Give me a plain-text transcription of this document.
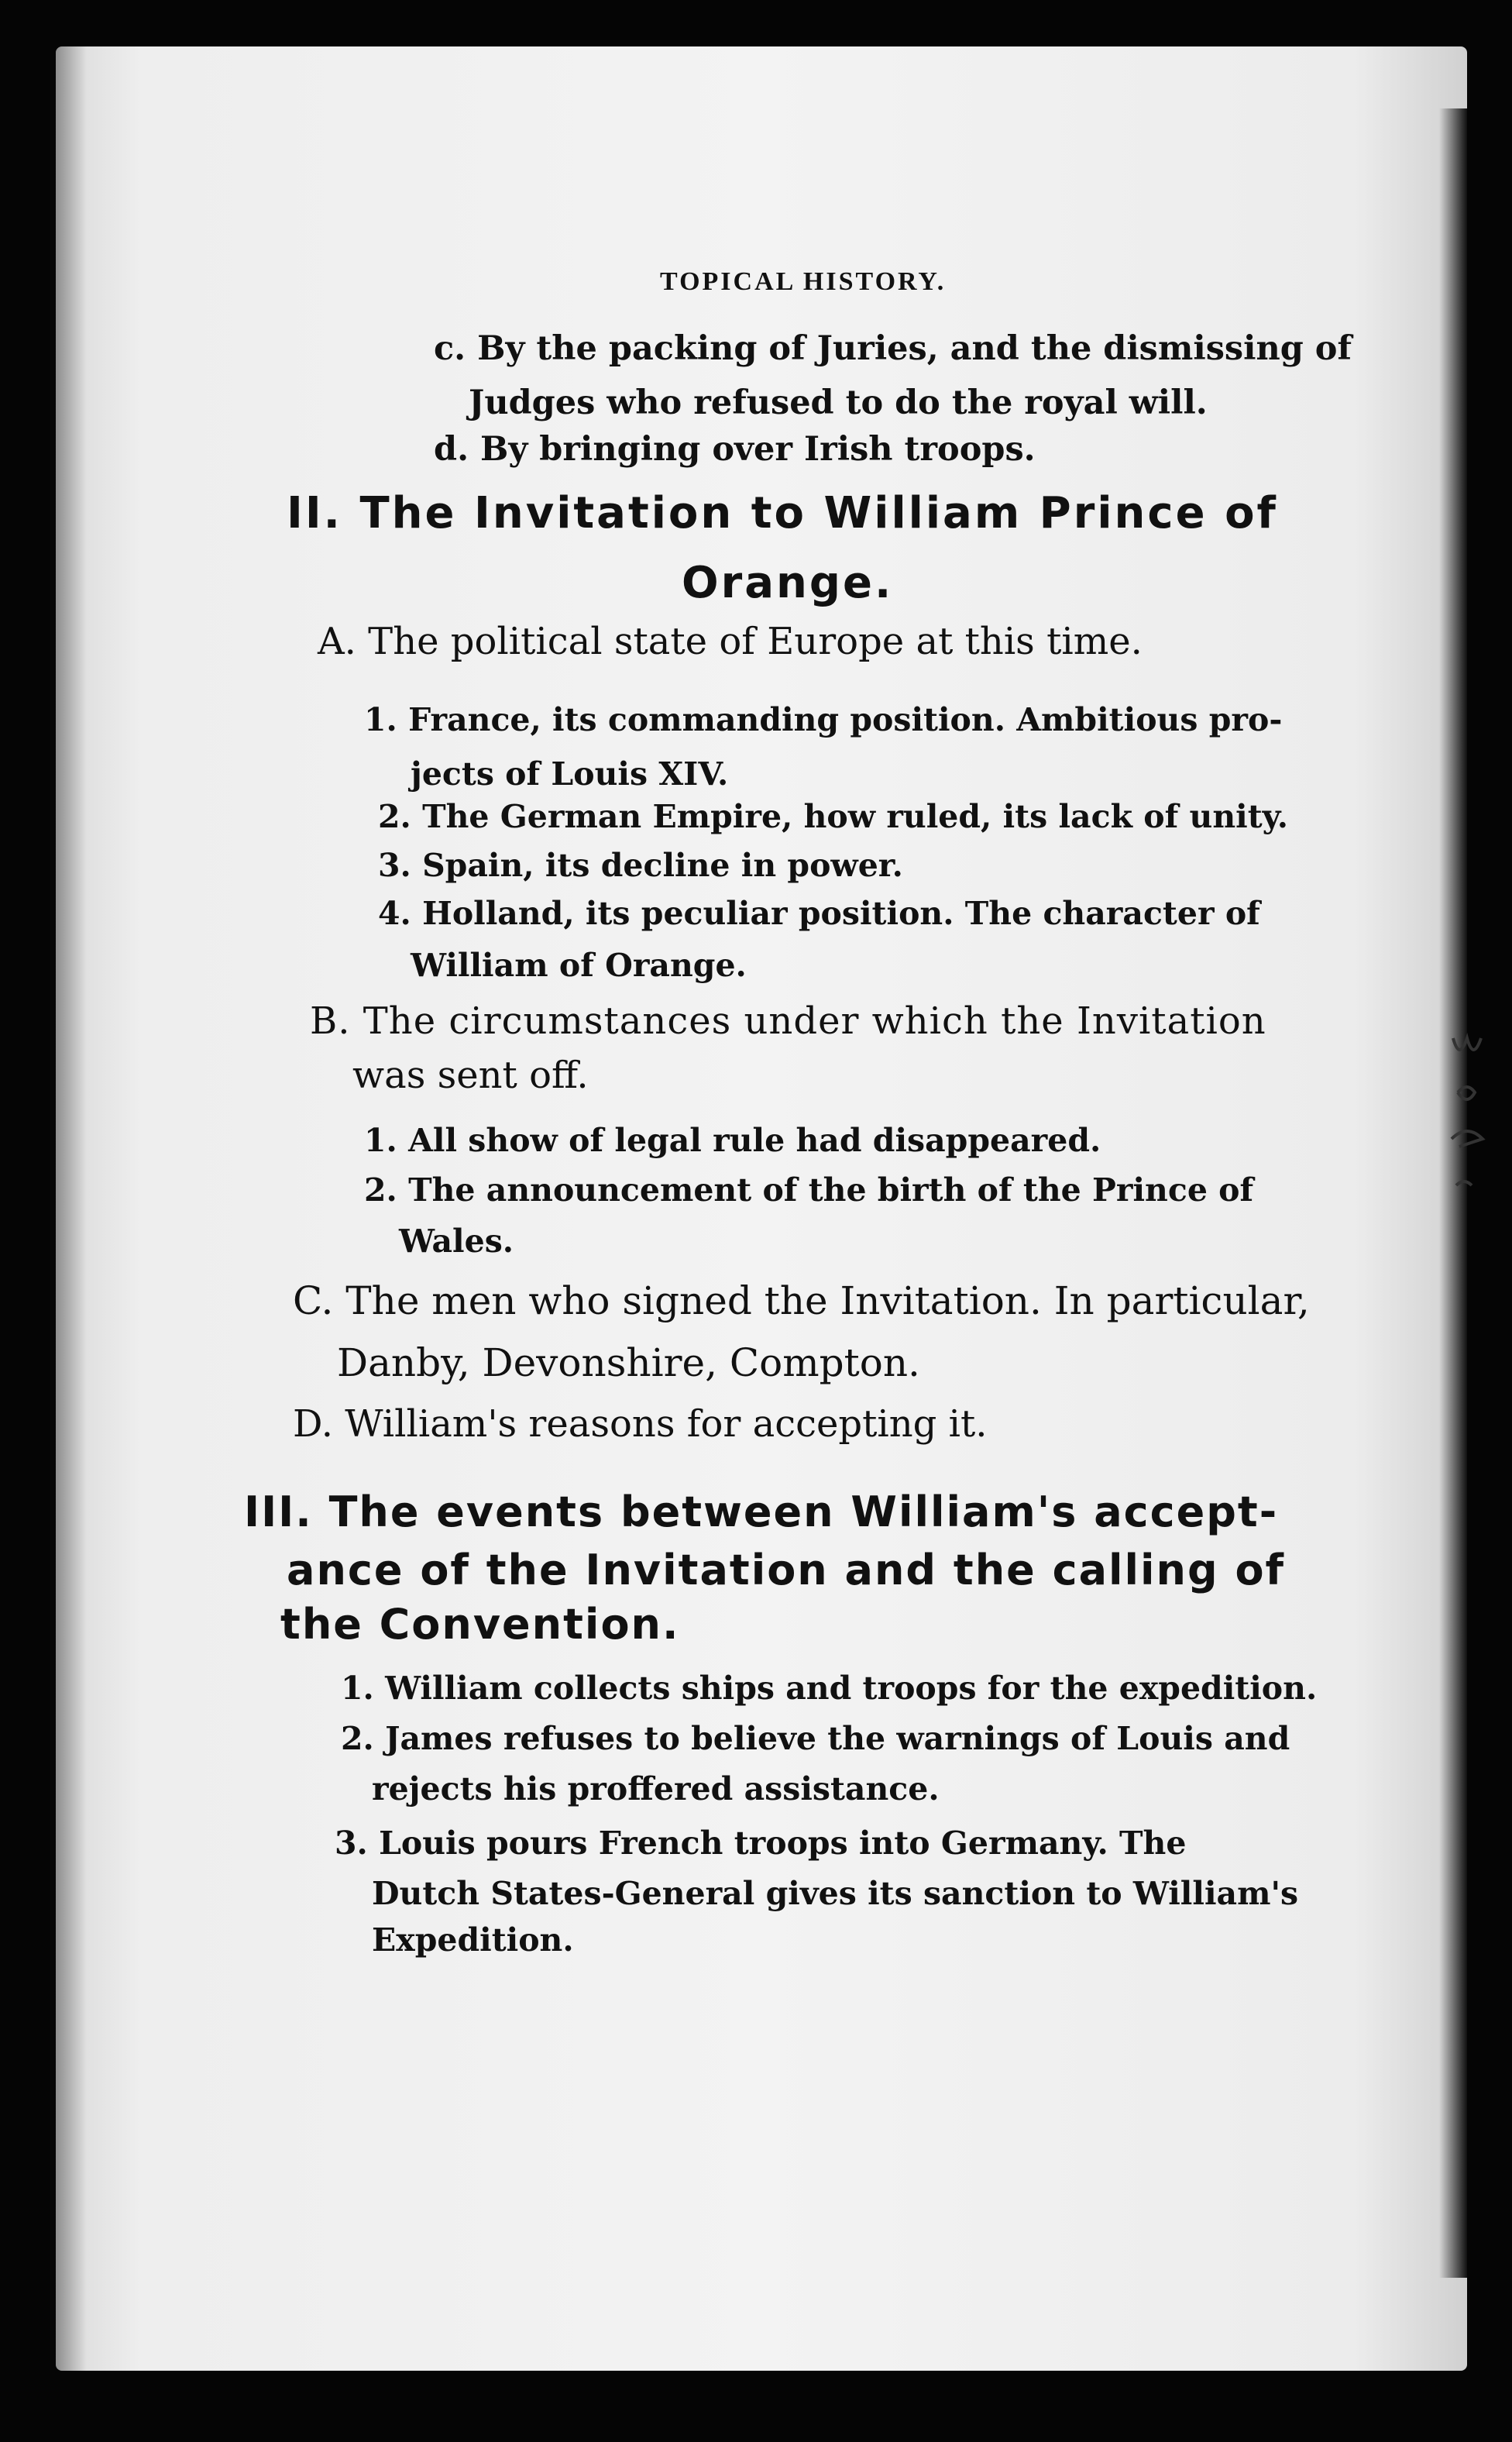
TOPICAL HISTORY.
c. By the packing of Juries, and the dismissing of
Judges who refused to do the royal will.
d. By bringing over Irish troops.
II. The Invitation to William Prince of
Orange.
A. The political state of Europe at this time.
1. France, its commanding position. Ambitious pro-
jects of Louis XIV.
2. The German Empire, how ruled, its lack of unity.
3. Spain, its decline in power.
4. Holland, its peculiar position. The character of
William of Orange.
B. The circumstances under which the Invitation
was sent off.
1. All show of legal rule had disappeared.
2. The announcement of the birth of the Prince of
Wales.
C. The men who signed the Invitation. In particular,
Danby, Devonshire, Compton.
D. William's reasons for accepting it.
III. The events between William's accept-
ance of the Invitation and the calling of
the Convention.
1. William collects ships and troops for the expedition.
2. James refuses to believe the warnings of Louis and
rejects his proffered assistance.
3. Louis pours French troops into Germany. The
Dutch States-General gives its sanction to William's
Expedition.
